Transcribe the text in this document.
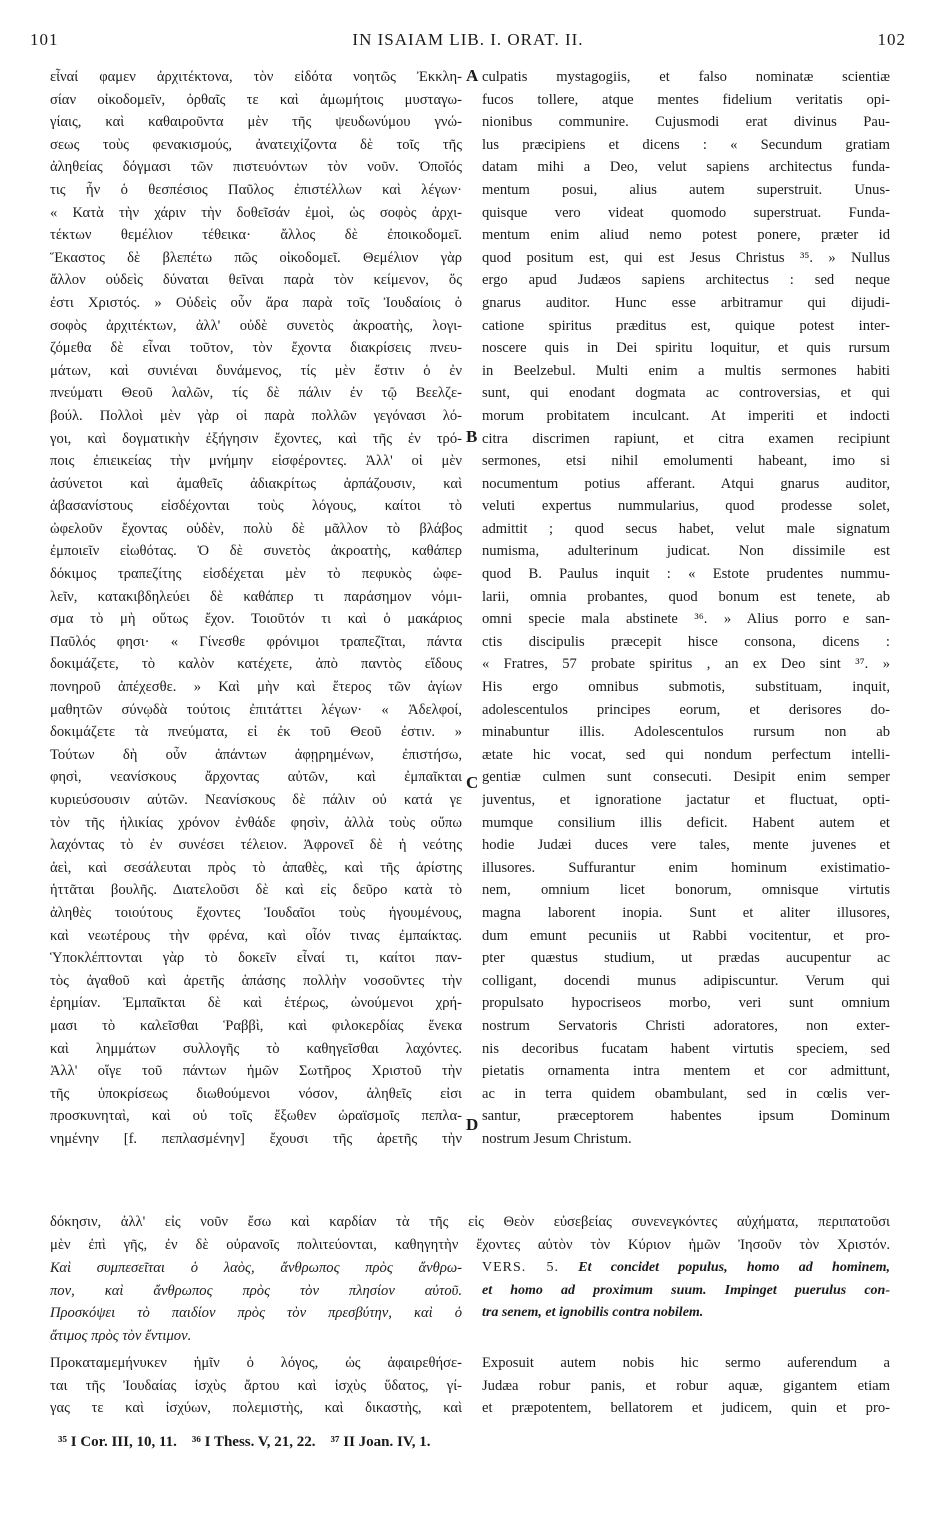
101	IN ISAIAM LIB. I. ORAT. II.	102
εἶναί φαμεν ἀρχιτέκτονα, τὸν εἰδότα νοητῶς Ἐκκλη-
σίαν οἰκοδομεῖν, ὀρθαῖς τε καὶ ἀμωμήτοις μυσταγω-
γίαις, καὶ καθαιροῦντα μὲν τῆς ψευδωνύμου γνώ-
σεως τοὺς φενακισμούς, ἀνατειχίζοντα δὲ τοῖς τῆς
ἀληθείας δόγμασι τῶν πιστευόντων τὸν νοῦν. Ὁποῖός
τις ἦν ὁ θεσπέσιος Παῦλος ἐπιστέλλων καὶ λέγων·
« Κατὰ τὴν χάριν τὴν δοθεῖσάν ἐμοὶ, ὡς σοφὸς ἀρχι-
τέκτων θεμέλιον τέθεικα· ἄλλος δὲ ἐποικοδομεῖ.
Ἕκαστος δὲ βλεπέτω πῶς οἰκοδομεῖ. Θεμέλιον γὰρ
ἄλλον οὐδεὶς δύναται θεῖναι παρὰ τὸν κείμενον, ὅς
ἐστι Χριστός. » Οὐδεὶς οὖν ἄρα παρὰ τοῖς Ἰουδαίοις ὁ
σοφὸς ἀρχιτέκτων, ἀλλ' οὐδὲ συνετὸς ἀκροατὴς, λογι-
ζόμεθα δὲ εἶναι τοῦτον, τὸν ἔχοντα διακρίσεις πνευ-
μάτων, καὶ συνιέναι δυνάμενος, τίς μὲν ἔστιν ὁ ἐν
πνεύματι Θεοῦ λαλῶν, τίς δὲ πάλιν ἐν τῷ Βεελζε-
βούλ. Πολλοὶ μὲν γὰρ οἱ παρὰ πολλῶν γεγόνασι λό-
γοι, καὶ δογματικὴν ἐξήγησιν ἔχοντες, καὶ τῆς ἐν τρό-
ποις ἐπιεικείας τὴν μνήμην εἰσφέροντες. Ἀλλ' οἱ μὲν
ἀσύνετοι καὶ ἀμαθεῖς ἀδιακρίτως ἁρπάζουσιν, καὶ
ἀβασανίστους εἰσδέχονται τοὺς λόγους, καίτοι τὸ
ὠφελοῦν ἔχοντας οὐδὲν, πολὺ δὲ μᾶλλον τὸ βλάβος
ἐμποιεῖν εἰωθότας. Ὁ δὲ συνετὸς ἀκροατὴς, καθάπερ
δόκιμος τραπεζίτης εἰσδέχεται μὲν τὸ πεφυκὸς ὠφε-
λεῖν, κατακιβδηλεύει δὲ καθάπερ τι παράσημον νόμι-
σμα τὸ μὴ οὕτως ἔχον. Τοιοῦτόν τι καὶ ὁ μακάριος
Παῦλός φησι· « Γίνεσθε φρόνιμοι τραπεζῖται, πάντα
δοκιμάζετε, τὸ καλὸν κατέχετε, ἀπὸ παντὸς εἴδους
πονηροῦ ἀπέχεσθε. » Καὶ μὴν καὶ ἕτερος τῶν ἁγίων
μαθητῶν σύνῳδὰ τούτοις ἐπιτάττει λέγων· « Ἀδελφοί,
δοκιμάζετε τὰ πνεύματα, εἰ ἐκ τοῦ Θεοῦ ἐστιν. »
Τούτων δὴ οὖν ἁπάντων ἀφῃρημένων, ἐπιστήσω,
φησὶ, νεανίσκους ἄρχοντας αὐτῶν, καὶ ἐμπαῖκται
κυριεύσουσιν αὐτῶν. Νεανίσκους δὲ πάλιν οὐ κατά γε
τὸν τῆς ἡλικίας χρόνον ἐνθάδε φησὶν, ἀλλὰ τοὺς οὔπω
λαχόντας τὸ ἐν συνέσει τέλειον. Ἀφρονεῖ δὲ ἡ νεότης
ἀεὶ, καὶ σεσάλευται πρὸς τὸ ἀπαθὲς, καὶ τῆς ἀρίστης
ἡττᾶται βουλῆς. Διατελοῦσι δὲ καὶ εἰς δεῦρο κατὰ τὸ
ἀληθὲς τοιούτους ἔχοντες Ἰουδαῖοι τοὺς ἡγουμένους,
καὶ νεωτέρους τὴν φρένα, καὶ οἷόν τινας ἐμπαίκτας.
Ὑποκλέπτονται γὰρ τὸ δοκεῖν εἶναί τι, καίτοι παν-
τὸς ἀγαθοῦ καὶ ἀρετῆς ἁπάσης πολλὴν νοσοῦντες τὴν
ἐρημίαν. Ἐμπαῖκται δὲ καὶ ἑτέρως, ὠνούμενοι χρή-
μασι τὸ καλεῖσθαι Ῥαββὶ, καὶ φιλοκερδίας ἕνεκα
καὶ λημμάτων συλλογῆς τὸ καθηγεῖσθαι λαχόντες.
Ἀλλ' οἵγε τοῦ πάντων ἡμῶν Σωτῆρος Χριστοῦ τὴν
τῆς ὑποκρίσεως διωθούμενοι νόσον, ἀληθεῖς εἰσι
προσκυνηταὶ, καὶ οὐ τοῖς ἔξωθεν ὡραϊσμοῖς πεπλα-
νημένην [f. πεπλασμένην] ἔχουσι τῆς ἀρετῆς τὴν
culpatis mystagogiis, et falso nominatæ scientiæ
fucos tollere, atque mentes fidelium veritatis opi-
nionibus communire. Cujusmodi erat divinus Pau-
lus præcipiens et dicens : « Secundum gratiam
datam mihi a Deo, velut sapiens architectus funda-
mentum posui, alius autem superstruit. Unus-
quisque vero videat quomodo superstruat. Funda-
mentum enim aliud nemo potest ponere, præter id
quod positum est, qui est Jesus Christus ³⁵. » Nullus
ergo apud Judæos sapiens architectus : sed neque
gnarus auditor. Hunc esse arbitramur qui dijudi-
catione spiritus præditus est, quique potest inter-
noscere quis in Dei spiritu loquitur, et quis rursum
in Beelzebul. Multi enim a multis sermones habiti
sunt, qui enodant dogmata ac controversias, et qui
morum probitatem inculcant. At imperiti et indocti
citra discrimen rapiunt, et citra examen recipiunt
sermones, etsi nihil emolumenti habeant, imo si
nocumentum potius afferant. Atqui gnarus auditor,
veluti expertus nummularius, quod prodesse solet,
admittit ; quod secus habet, velut male signatum
numisma, adulterinum judicat. Non dissimile est
quod B. Paulus inquit : « Estote prudentes nummu-
larii, omnia probantes, quod bonum est tenete, ab
omni specie mala abstinete ³⁶. » Alius porro e san-
ctis discipulis præcepit hisce consona, dicens :
« Fratres, 57 probate spiritus , an ex Deo sint ³⁷. »
His ergo omnibus submotis, substituam, inquit,
adolescentulos principes eorum, et derisores do-
minabuntur illis. Adolescentulos rursum non ab
ætate hic vocat, sed qui nondum perfectum intelli-
gentiæ culmen sunt consecuti. Desipit enim semper
juventus, et ignoratione jactatur et fluctuat, opti-
mumque consilium illis deficit. Habent autem et
hodie Judæi duces vere tales, mente juvenes et
illusores. Suffurantur enim hominum existimatio-
nem, omnium licet bonorum, omnisque virtutis
magna laborent inopia. Sunt et aliter illusores,
dum emunt pecuniis ut Rabbi vocitentur, et pro-
pter quæstus studium, ut prædas aucupentur ac
colligant, docendi munus adipiscuntur. Verum qui
propulsato hypocriseos morbo, veri sunt omnium
nostrum Servatoris Christi adoratores, non exter-
nis decoribus fucatam habent virtutis speciem, sed
pietatis ornamenta intra mentem et cor admittunt,
ac in terra quidem obambulant, sed in cœlis ver-
santur, præceptorem habentes ipsum Dominum
nostrum Jesum Christum.
A
B
C
D
δόκησιν, ἀλλ' εἰς νοῦν ἔσω καὶ καρδίαν τὰ τῆς εἰς Θεὸν εὐσεβείας συνενεγκόντες αὐχήματα, περιπατοῦσι
μὲν ἐπὶ γῆς, ἐν δὲ οὐρανοῖς πολιτεύονται, καθηγητὴν ἔχοντες αὐτὸν τὸν Κύριον ἡμῶν Ἰησοῦν τὸν Χριστόν.
Καὶ συμπεσεῖται ὁ λαὸς, ἄνθρωπος πρὸς ἄνθρω-
πον, καὶ ἄνθρωπος πρὸς τὸν πλησίον αὐτοῦ.
Προσκόψει τὸ παιδίον πρὸς τὸν πρεσβύτην, καὶ ὁ
ἄτιμος πρὸς τὸν ἔντιμον.
VERS. 5. Et concidet populus, homo ad hominem,
et homo ad proximum suum. Impinget puerulus con-
tra senem, et ignobilis contra nobilem.
Προκαταμεμήνυκεν ἡμῖν ὁ λόγος, ὡς ἀφαιρεθήσε-
ται τῆς Ἰουδαίας ἰσχὺς ἄρτου καὶ ἰσχὺς ὕδατος, γί-
γας τε καὶ ἰσχύων, πολεμιστὴς, καὶ δικαστὴς, καὶ
Exposuit autem nobis hic sermo auferendum a
Judæa robur panis, et robur aquæ, gigantem etiam
et præpotentem, bellatorem et judicem, quin et pro-
³⁵ I Cor. III, 10, 11. ³⁶ I Thess. V, 21, 22. ³⁷ II Joan. IV, 1.
